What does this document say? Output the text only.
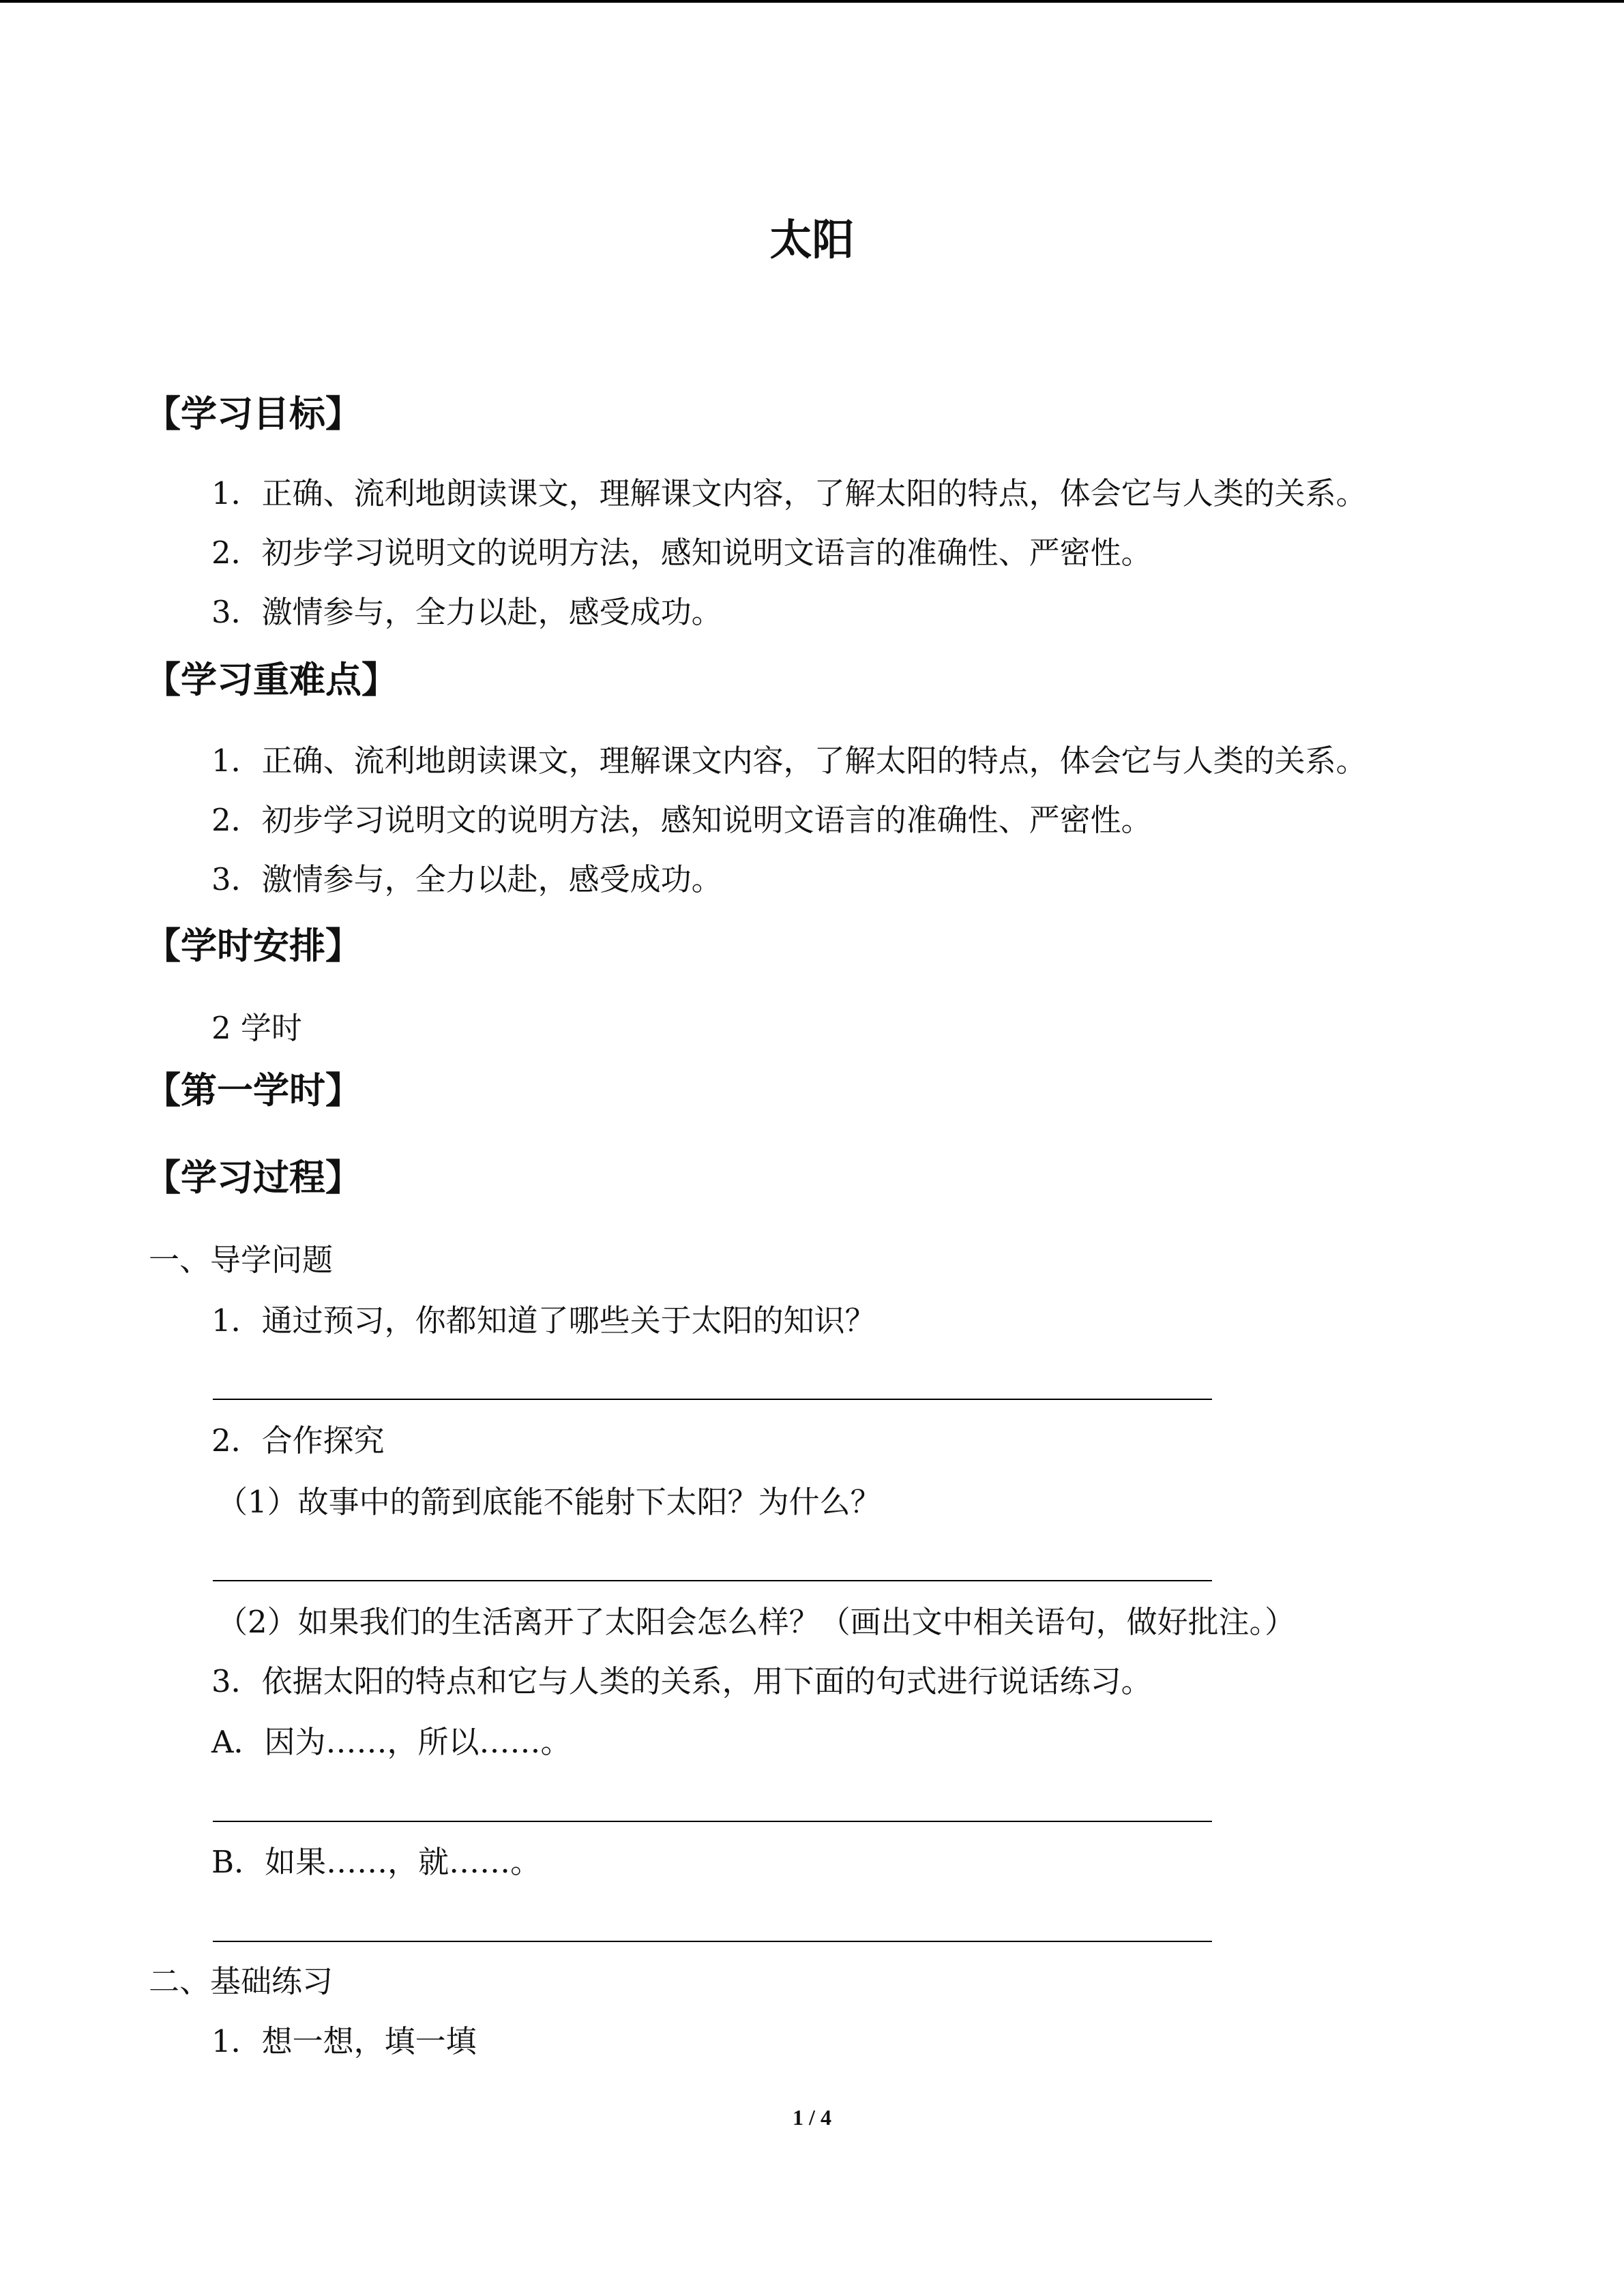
太阳
【学习目标】
1．正确、流利地朗读课文，理解课文内容，了解太阳的特点，体会它与人类的关系。
2．初步学习说明文的说明方法，感知说明文语言的准确性、严密性。
3．激情参与，全力以赴，感受成功。
【学习重难点】
1．正确、流利地朗读课文，理解课文内容，了解太阳的特点，体会它与人类的关系。
2．初步学习说明文的说明方法，感知说明文语言的准确性、严密性。
3．激情参与，全力以赴，感受成功。
【学时安排】
2 学时
【第一学时】
【学习过程】
一、导学问题
1．通过预习，你都知道了哪些关于太阳的知识？
2．合作探究
（1）故事中的箭到底能不能射下太阳？为什么？
（2）如果我们的生活离开了太阳会怎么样？（画出文中相关语句，做好批注。）
3．依据太阳的特点和它与人类的关系，用下面的句式进行说话练习。
A．因为……，所以……。
B．如果……，就……。
二、基础练习
1．想一想，填一填
1 / 4
